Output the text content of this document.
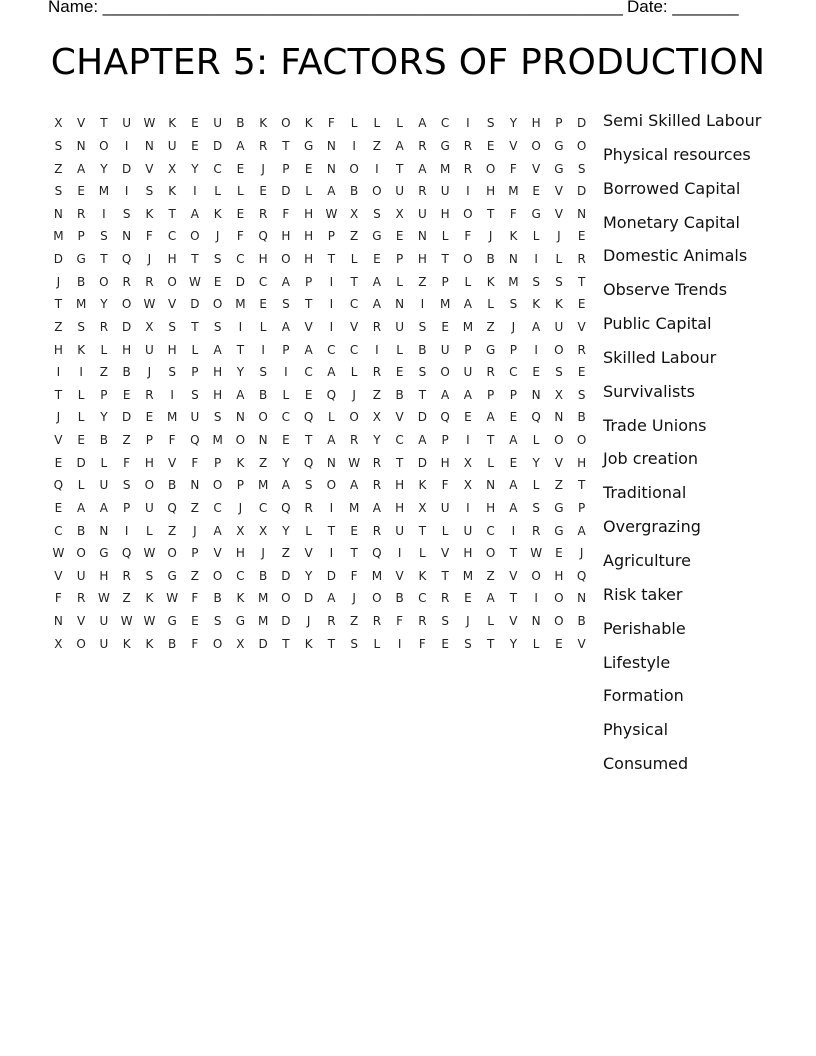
Name: _______________________________________________________

Date: _______

CHAPTER 5: FACTORS OF PRODUCTION
X	V	T	U	W	K	E	U	B	K	O	K	F	L	L	L	A	C	I	S	Y	H	P	D
S	N	O	I	N	U	E	D	A	R	T	G	N	I	Z	A	R	G	R	E	V	O	G	O
Z	A	Y	D	V	X	Y	C	E	J	P	E	N	O	I	T	A	M	R	O	F	V	G	S
S	E	M	I	S	K	I	L	L	E	D	L	A	B	O	U	R	U	I	H	M	E	V	D
N	R	I	S	K	T	A	K	E	R	F	H	W	X	S	X	U	H	O	T	F	G	V	N
M	P	S	N	F	C	O	J	F	Q	H	H	P	Z	G	E	N	L	F	J	K	L	J	E
D	G	T	Q	J	H	T	S	C	H	O	H	T	L	E	P	H	T	O	B	N	I	L	R
J	B	O	R	R	O	W	E	D	C	A	P	I	T	A	L	Z	P	L	K	M	S	S	T
T	M	Y	O	W	V	D	O	M	E	S	T	I	C	A	N	I	M	A	L	S	K	K	E
Z	S	R	D	X	S	T	S	I	L	A	V	I	V	R	U	S	E	M	Z	J	A	U	V
H	K	L	H	U	H	L	A	T	I	P	A	C	C	I	L	B	U	P	G	P	I	O	R
I	I	Z	B	J	S	P	H	Y	S	I	C	A	L	R	E	S	O	U	R	C	E	S	E
T	L	P	E	R	I	S	H	A	B	L	E	Q	J	Z	B	T	A	A	P	P	N	X	S
J	L	Y	D	E	M	U	S	N	O	C	Q	L	O	X	V	D	Q	E	A	E	Q	N	B
V	E	B	Z	P	F	Q	M	O	N	E	T	A	R	Y	C	A	P	I	T	A	L	O	O
E	D	L	F	H	V	F	P	K	Z	Y	Q	N	W	R	T	D	H	X	L	E	Y	V	H
Q	L	U	S	O	B	N	O	P	M	A	S	O	A	R	H	K	F	X	N	A	L	Z	T
E	A	A	P	U	Q	Z	C	J	C	Q	R	I	M	A	H	X	U	I	H	A	S	G	P
C	B	N	I	L	Z	J	A	X	X	Y	L	T	E	R	U	T	L	U	C	I	R	G	A
W	O	G	Q	W	O	P	V	H	J	Z	V	I	T	Q	I	L	V	H	O	T	W	E	J
V	U	H	R	S	G	Z	O	C	B	D	Y	D	F	M	V	K	T	M	Z	V	O	H	Q
F	R	W	Z	K	W	F	B	K	M	O	D	A	J	O	B	C	R	E	A	T	I	O	N
N	V	U	W W	G	E	S	G	M	D	J	R	Z	R	F	R	S	J	L	V	N	O	B
X	O	U	K	K	B	F	O	X	D	T	K	T	S	L	I	F	E	S	T	Y	L	E	V
Semi Skilled Labour
Physical resources
Borrowed Capital
Monetary Capital
Domestic Animals
Observe Trends
Public Capital
Skilled Labour
Survivalists
Trade Unions
Job creation
Traditional
Overgrazing
Agriculture
Risk taker
Perishable
Lifestyle
Formation
Physical
Consumed
